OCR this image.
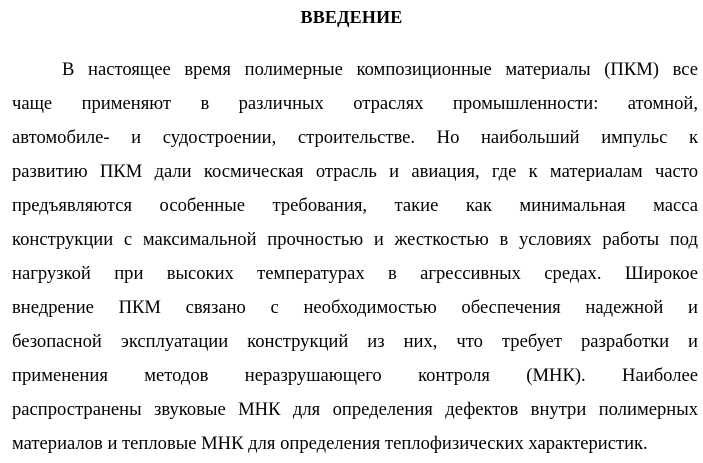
ВВЕДЕНИЕ
В настоящее время полимерные композиционные материалы (ПКМ) все
чаще применяют в различных отраслях промышленности: атомной,
автомобиле- и судостроении, строительстве. Но наибольший импульс к
развитию ПКМ дали космическая отрасль и авиация, где к материалам часто
предъявляются особенные требования, такие как минимальная масса
конструкции с максимальной прочностью и жесткостью в условиях работы под
нагрузкой при высоких температурах в агрессивных средах. Широкое
внедрение ПКМ связано с необходимостью обеспечения надежной и
безопасной эксплуатации конструкций из них, что требует разработки и
применения методов неразрушающего контроля (МНК). Наиболее
распространены звуковые МНК для определения дефектов внутри полимерных
материалов и тепловые МНК для определения теплофизических характеристик.
